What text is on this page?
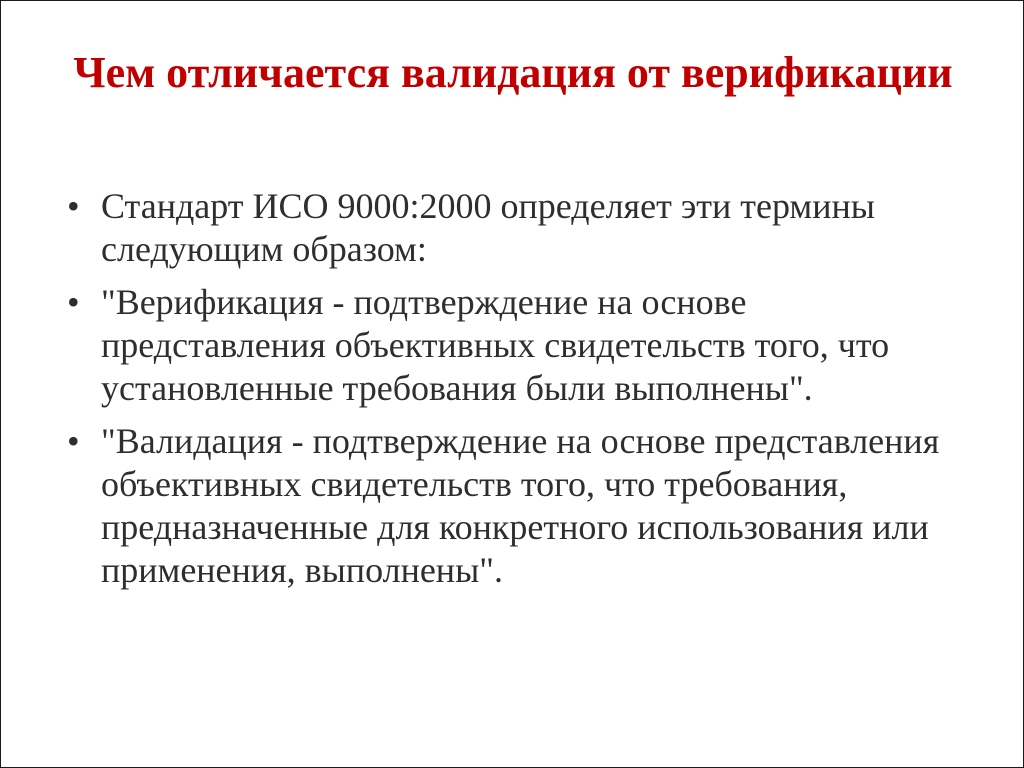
Чем отличается валидация от верификации
• Стандарт ИСО 9000:2000 определяет эти термины следующим образом:
• "Верификация - подтверждение на основе представления объективных свидетельств того, что установленные требования были выполнены".
• "Валидация - подтверждение на основе представления объективных свидетельств того, что требования, предназначенные для конкретного использования или применения, выполнены".
